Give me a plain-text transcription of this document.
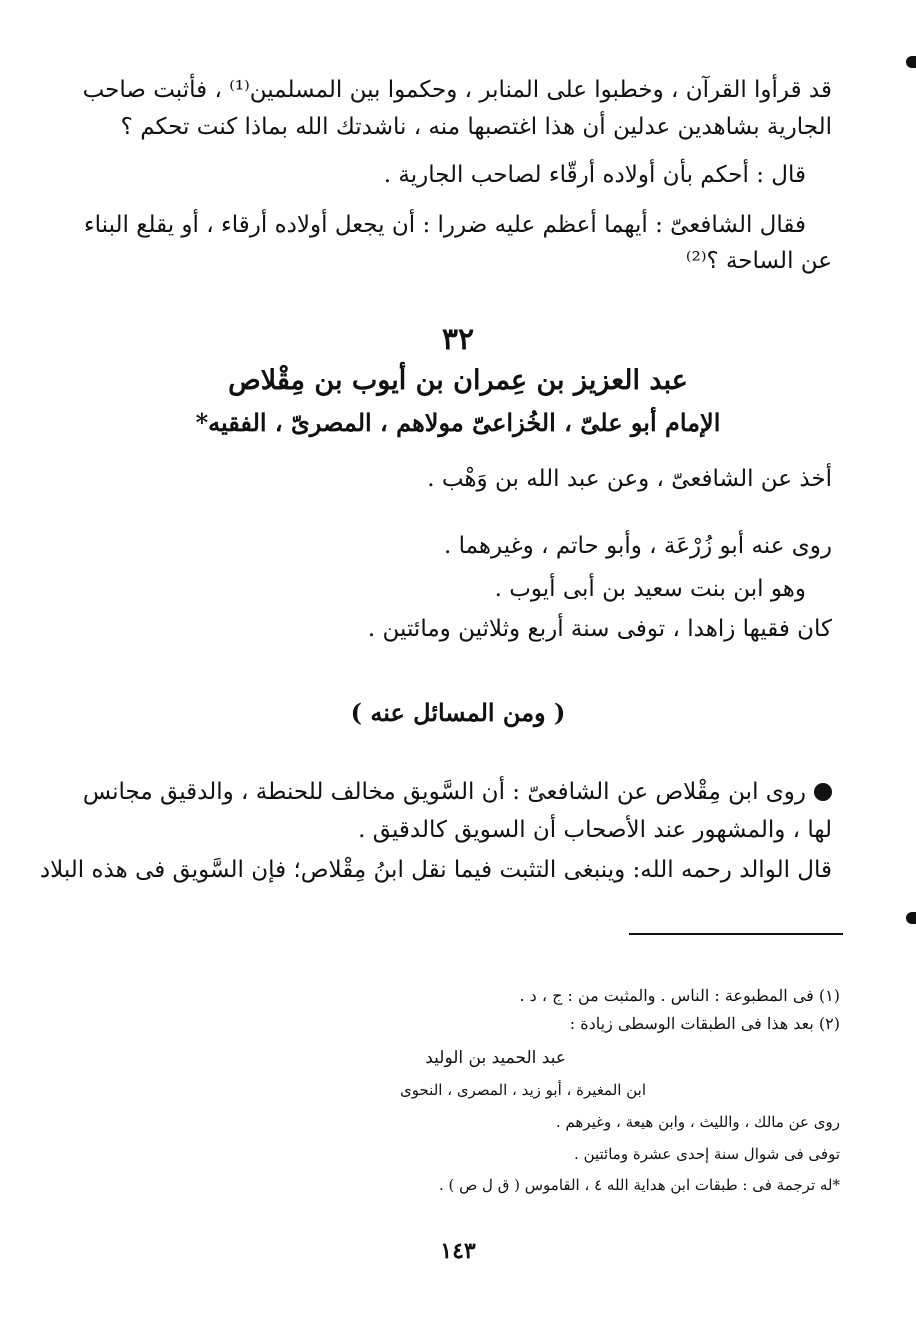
قد قرأوا القرآن ، وخطبوا على المنابر ، وحكموا بين المسلمين⁽¹⁾ ، فأثبت صاحب
الجارية بشاهدين عدلين أن هذا اغتصبها منه ، ناشدتك الله بماذا كنت تحكم ؟
قال : أحكم بأن أولاده أرقّاء لصاحب الجارية .
فقال الشافعىّ : أيهما أعظم عليه ضررا : أن يجعل أولاده أرقاء ، أو يقلع البناء
عن الساحة ؟⁽²⁾
٣٢
عبد العزيز بن عِمران بن أيوب بن مِقْلاص
الإمام أبو علىّ ، الخُزاعىّ مولاهم ، المصرىّ ، الفقيه*
أخذ عن الشافعىّ ، وعن عبد الله بن وَهْب .
روى عنه أبو زُرْعَة ، وأبو حاتم ، وغيرهما .
وهو ابن بنت سعيد بن أبى أيوب .
كان فقيها زاهدا ، توفى سنة أربع وثلاثين ومائتين .
( ومن المسائل عنه )
روى ابن مِقْلاص عن الشافعىّ : أن السَّويق مخالف للحنطة ، والدقيق مجانس
لها ، والمشهور عند الأصحاب أن السويق كالدقيق .
قال الوالد رحمه الله: وينبغى التثبت فيما نقل ابنُ مِقْلاص؛ فإن السَّويق فى هذه البلاد
(١) فى المطبوعة : الناس . والمثبت من : ج ، د .
(٢) بعد هذا فى الطبقات الوسطى زيادة :
عبد الحميد بن الوليد
ابن المغيرة ، أبو زيد ، المصرى ، النحوى
روى عن مالك ، والليث ، وابن هيعة ، وغيرهم .
توفى فى شوال سنة إحدى عشرة ومائتين .
*له ترجمة فى : طبقات ابن هداية الله ٤ ، القاموس ( ق ل ص ) .
١٤٣
